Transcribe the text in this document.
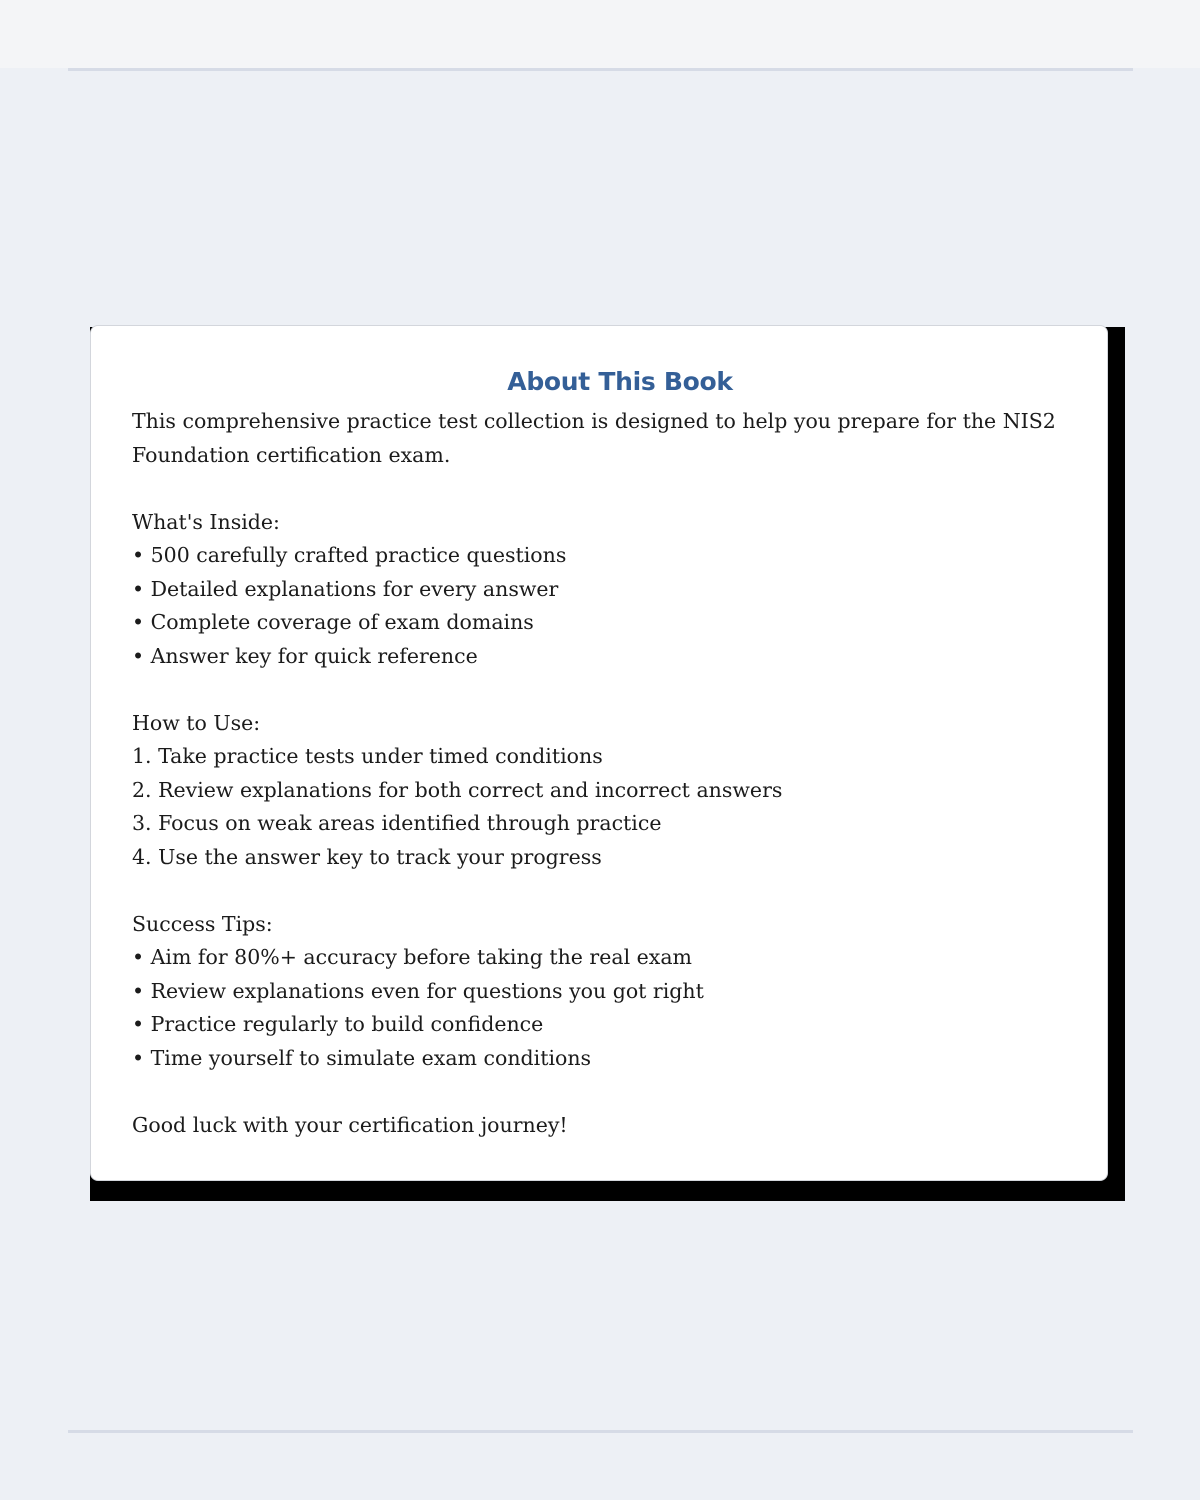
About This Book

This comprehensive practice test collection is designed to help you prepare for the NIS2 Foundation certification exam.

What's Inside:

• 500 carefully crafted practice questions

• Detailed explanations for every answer

• Complete coverage of exam domains

• Answer key for quick reference

How to Use:

1. Take practice tests under timed conditions

2. Review explanations for both correct and incorrect answers

3. Focus on weak areas identified through practice

4. Use the answer key to track your progress

Success Tips:

• Aim for 80%+ accuracy before taking the real exam

• Review explanations even for questions you got right

• Practice regularly to build confidence

• Time yourself to simulate exam conditions

Good luck with your certification journey!
